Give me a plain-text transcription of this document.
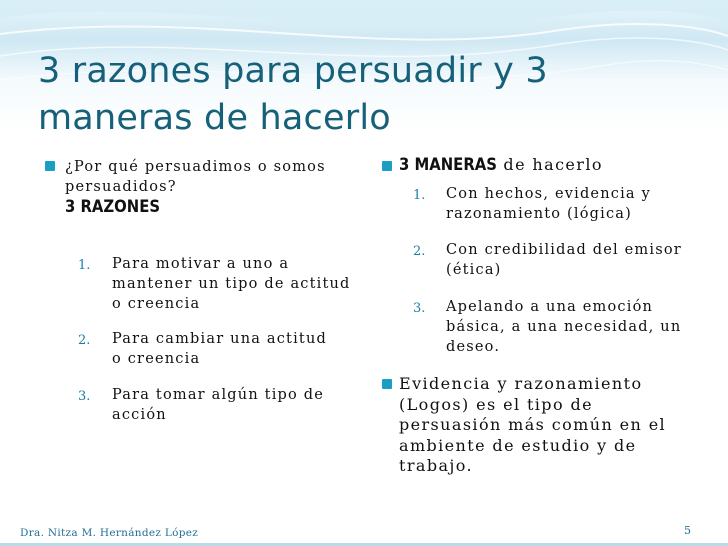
3 razones para persuadir y 3 maneras de hacerlo
¿Por qué persuadimos o somos persuadidos?
3 RAZONES
1. Para motivar a uno a mantener un tipo de actitud o creencia
2. Para cambiar una actitud o creencia
3. Para tomar algún tipo de acción
3 MANERAS de hacerlo
1. Con hechos, evidencia y razonamiento (lógica)
2. Con credibilidad del emisor (ética)
3. Apelando a una emoción básica, a una necesidad, un deseo.
Evidencia y razonamiento (Logos) es el tipo de persuasión más común en el ambiente de estudio y de trabajo.
Dra. Nitza M. Hernández López	5
